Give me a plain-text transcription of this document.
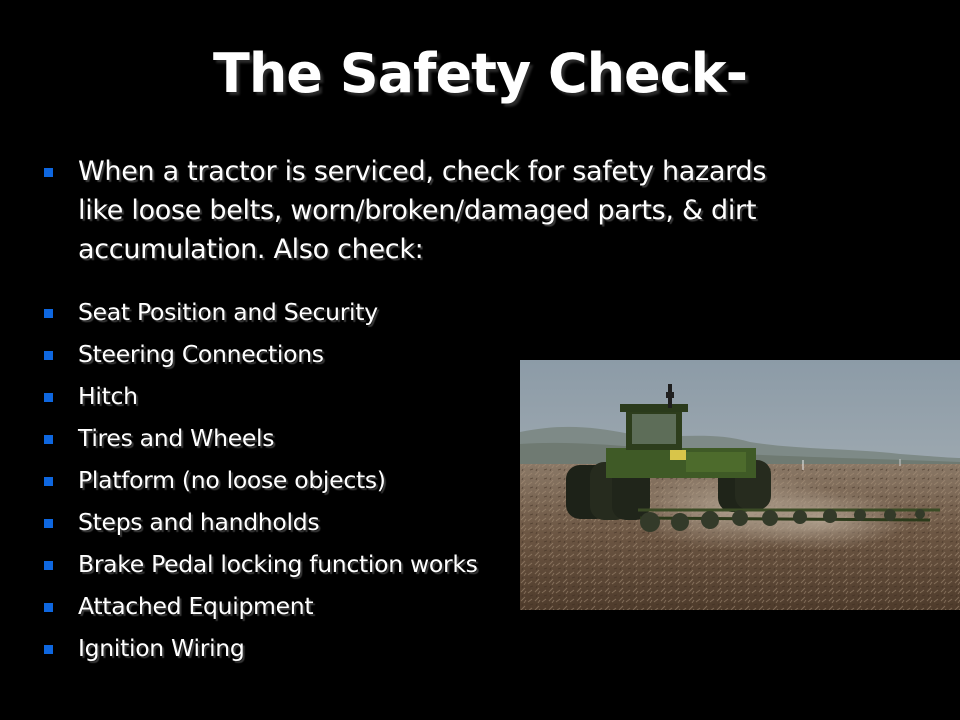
The Safety Check-
When a tractor is serviced, check for safety hazards like loose belts, worn/broken/damaged parts, & dirt accumulation. Also check:
Seat Position and Security
Steering Connections
Hitch
Tires and Wheels
Platform (no loose objects)
Steps and handholds
Brake Pedal locking function works
Attached Equipment
Ignition Wiring
